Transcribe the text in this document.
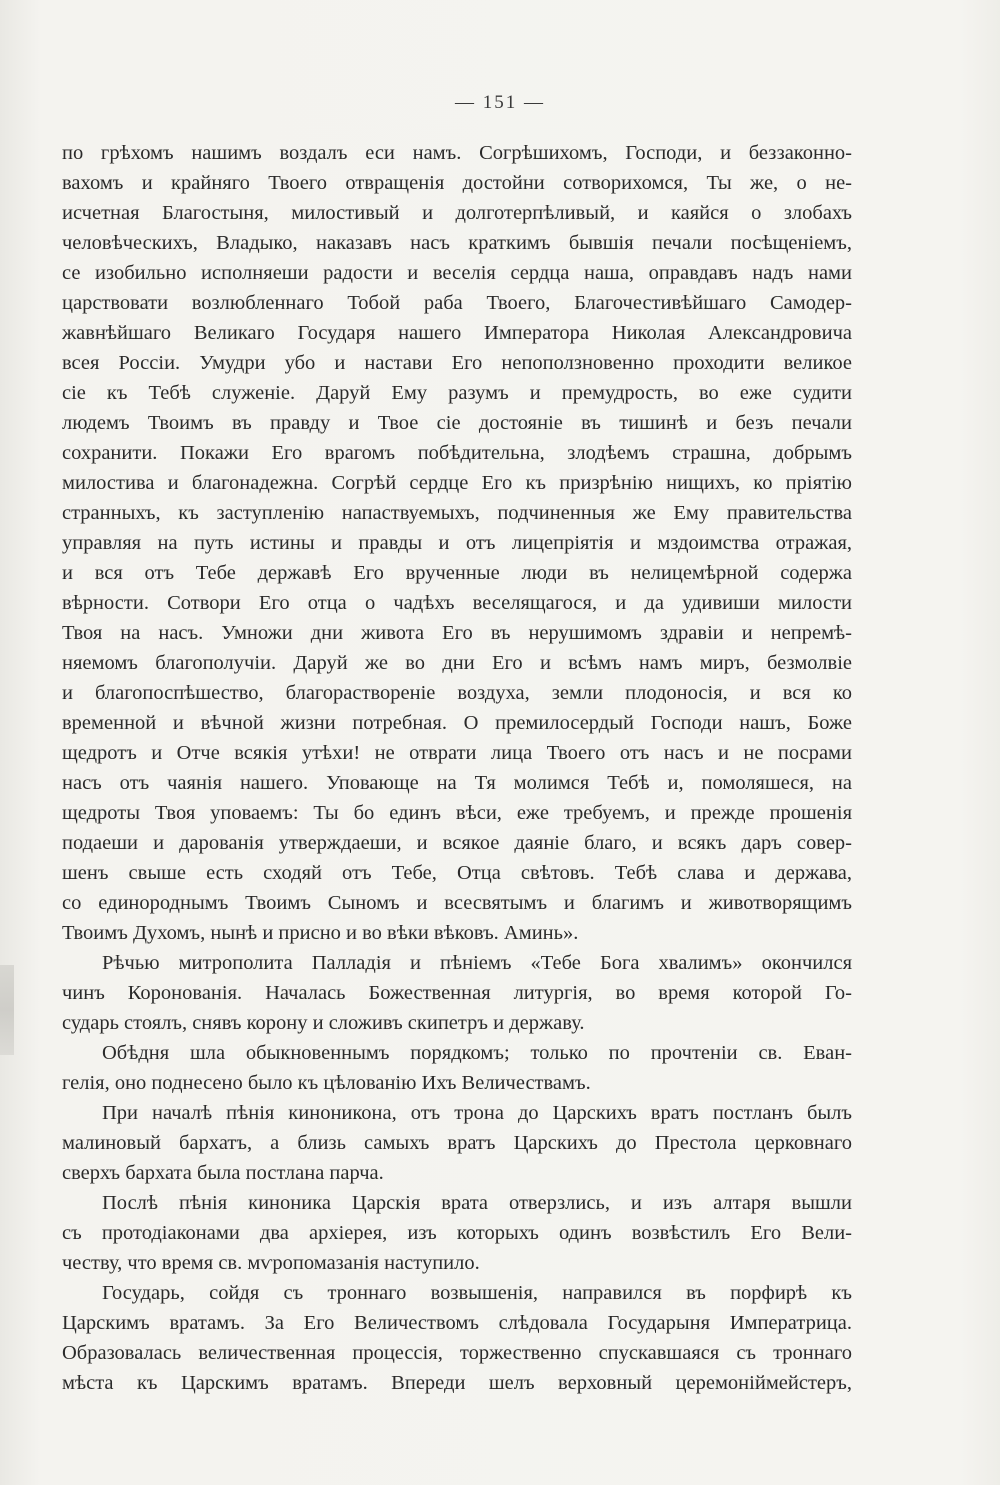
— 151 —
по грѣхомъ нашимъ воздалъ еси намъ. Согрѣшихомъ, Господи, и беззаконно-
вахомъ и крайняго Твоего отвращенія достойни сотворихомся, Ты же, о не-
исчетная Благостыня, милостивый и долготерпѣливый, и каяйся о злобахъ
человѣческихъ, Владыко, наказавъ насъ краткимъ бывшія печали посѣщеніемъ,
се изобильно исполняеши радости и веселія сердца наша, оправдавъ надъ нами
царствовати возлюбленнаго Тобой раба Твоего, Благочестивѣйшаго Самодер-
жавнѣйшаго Великаго Государя нашего Императора Николая Александровича
всея Россіи. Умудри убо и настави Его непоползновенно проходити великое
сіе къ Тебѣ служеніе. Даруй Ему разумъ и премудрость, во еже судити
людемъ Твоимъ въ правду и Твое сіе достояніе въ тишинѣ и безъ печали
сохранити. Покажи Его врагомъ побѣдительна, злодѣемъ страшна, добрымъ
милостива и благонадежна. Согрѣй сердце Его къ призрѣнію нищихъ, ко пріятію
странныхъ, къ заступленію напаствуемыхъ, подчиненныя же Ему правительства
управляя на путь истины и правды и отъ лицепріятія и мздоимства отражая,
и вся отъ Тебе державѣ Его врученные люди въ нелицемѣрной содержа
вѣрности. Сотвори Его отца о чадѣхъ веселящагося, и да удивиши милости
Твоя на насъ. Умножи дни живота Его въ нерушимомъ здравіи и непремѣ-
няемомъ благополучіи. Даруй же во дни Его и всѣмъ намъ миръ, безмолвіе
и благопоспѣшество, благораствореніе воздуха, земли плодоносія, и вся ко
временной и вѣчной жизни потребная. О премилосердый Господи нашъ, Боже
щедротъ и Отче всякія утѣхи! не отврати лица Твоего отъ насъ и не посрами
насъ отъ чаянія нашего. Уповающе на Тя молимся Тебѣ и, помоляшеся, на
щедроты Твоя уповаемъ: Ты бо единъ вѣси, еже требуемъ, и прежде прошенія
подаеши и дарованія утверждаеши, и всякое даяніе благо, и всякъ даръ совер-
шенъ свыше есть сходяй отъ Тебе, Отца свѣтовъ. Тебѣ слава и держава,
со единороднымъ Твоимъ Сыномъ и всесвятымъ и благимъ и животворящимъ
Твоимъ Духомъ, нынѣ и присно и во вѣки вѣковъ. Аминь».
Рѣчью митрополита Палладія и пѣніемъ «Тебе Бога хвалимъ» окончился
чинъ Коронованія. Началась Божественная литургія, во время которой Го-
сударь стоялъ, снявъ корону и сложивъ скипетръ и державу.
Обѣдня шла обыкновеннымъ порядкомъ; только по прочтеніи св. Еван-
гелія, оно поднесено было къ цѣлованію Ихъ Величествамъ.
При началѣ пѣнія кинониконa, отъ трона до Царскихъ вратъ постланъ былъ
малиновый бархатъ, а близь самыхъ вратъ Царскихъ до Престола церковнаго
сверхъ бархата была постлана парча.
Послѣ пѣнія киноника Царскія врата отверзлись, и изъ алтаря вышли
съ протодіаконами два архіерея, изъ которыхъ одинъ возвѣстилъ Его Вели-
честву, что время св. мѵропомазанія наступило.
Государь, сойдя съ троннаго возвышенія, направился въ порфирѣ къ
Царскимъ вратамъ. За Его Величествомъ слѣдовала Государыня Императрица.
Образовалась величественная процессія, торжественно спускавшаяся съ троннаго
мѣста къ Царскимъ вратамъ. Впереди шелъ верховный церемоніймейстеръ,
